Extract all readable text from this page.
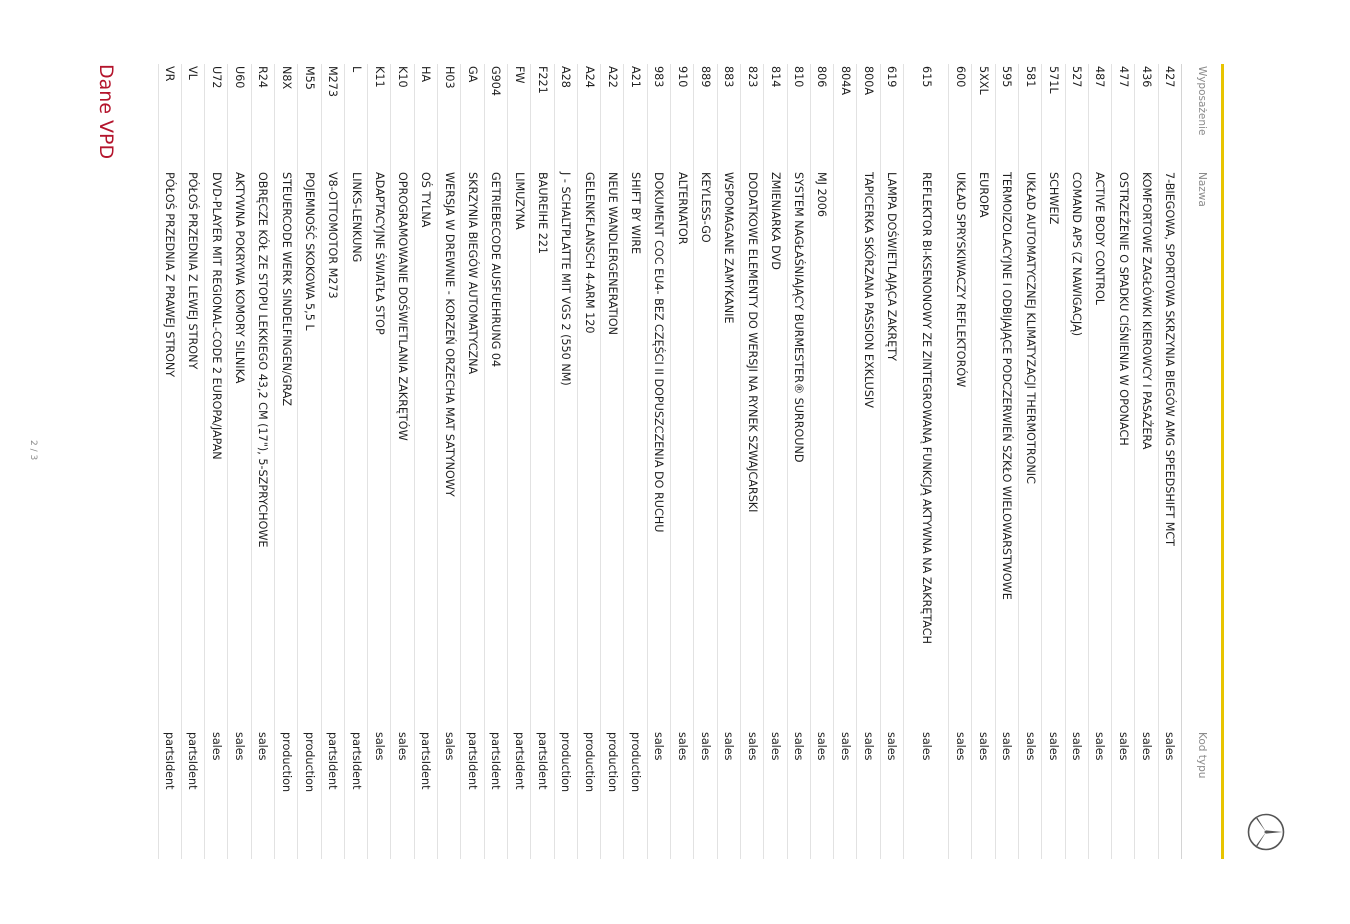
Wyposażenie
Nazwa
Kod typu
427
7-BIEGOWA, SPORTOWA SKRZYNIA BIEGÓW AMG SPEEDSHIFT MCT
sales
436
KOMFORTOWE ZAGŁÓWKI KIEROWCY I PASAŻERA
sales
477
OSTRZEŻENIE O SPADKU CIŚNIENIA W OPONACH
sales
487
ACTIVE BODY CONTROL
sales
527
COMAND APS (Z NAWIGACJĄ)
sales
571L
SCHWEIZ
sales
581
UKŁAD AUTOMATYCZNEJ KLIMATYZACJI THERMOTRONIC
sales
595
TERMOIZOLACYJNE I ODBIJAJĄCE PODCZERWIEŃ SZKŁO WIELOWARSTWOWE
sales
5XXL
EUROPA
sales
600
UKŁAD SPRYSKIWACZY REFLEKTORÓW
sales
615
REFLEKTOR BI-KSENONOWY ZE ZINTEGROWANĄ FUNKCJĄ AKTYWNA NA ZAKRĘTACH
sales
619
LAMPA DOŚWIETLAJĄCA ZAKRĘTY
sales
800A
TAPICERKA SKÓRZANA PASSION EXKLUSIV
sales
804A
sales
806
MJ 2006
sales
810
SYSTEM NAGŁAŚNIAJĄCY BURMESTER® SURROUND
sales
814
ZMIENIARKA DVD
sales
823
DODATKOWE ELEMENTY DO WERSJI NA RYNEK SZWAJCARSKI
sales
883
WSPOMAGANE ZAMYKANIE
sales
889
KEYLESS-GO
sales
910
ALTERNATOR
sales
983
DOKUMENT COC EU4- BEZ CZĘŚCI II DOPUSZCZENIA DO RUCHU
sales
A21
SHIFT BY WIRE
production
A22
NEUE WANDLERGENERATION
production
A24
GELENKFLANSCH 4-ARM 120
production
A28
J - SCHALTPLATTE MIT VGS 2 (550 NM)
production
F221
BAUREIHE 221
partsIdent
FW
LIMUZYNA
partsIdent
G904
GETRIEBECODE AUSFUEHRUNG 04
partsIdent
GA
SKRZYNIA BIEGÓW AUTOMATYCZNA
partsIdent
H03
WERSJA W DREWNIE - KORZEŃ ORZECHA MAT SATYNOWY
sales
HA
OŚ TYLNA
partsIdent
K10
OPROGRAMOWANIE DOŚWIETLANIA ZAKRĘTÓW
sales
K11
ADAPTACYJNE ŚWIATŁA STOP
sales
L
LINKS-LENKUNG
partsIdent
M273
V8-OTTOMOTOR M273
partsIdent
M55
POJEMNOŚĆ SKOKOWA 5,5 L
production
N8X
STEUERCODE WERK SINDELFINGEN/GRAZ
production
R24
OBRĘCZE KÓŁ ZE STOPU LEKKIEGO 43,2 CM (17"), 5-SZPRYCHOWE
sales
U60
AKTYWNA POKRYWA KOMORY SILNIKA
sales
U72
DVD-PLAYER MIT REGIONAL-CODE 2 EUROPA/JAPAN
sales
VL
PÓŁOŚ PRZEDNIA Z LEWEJ STRONY
partsIdent
VR
PÓŁOŚ PRZEDNIA Z PRAWEJ STRONY
partsIdent
Dane VPD
2 / 3
